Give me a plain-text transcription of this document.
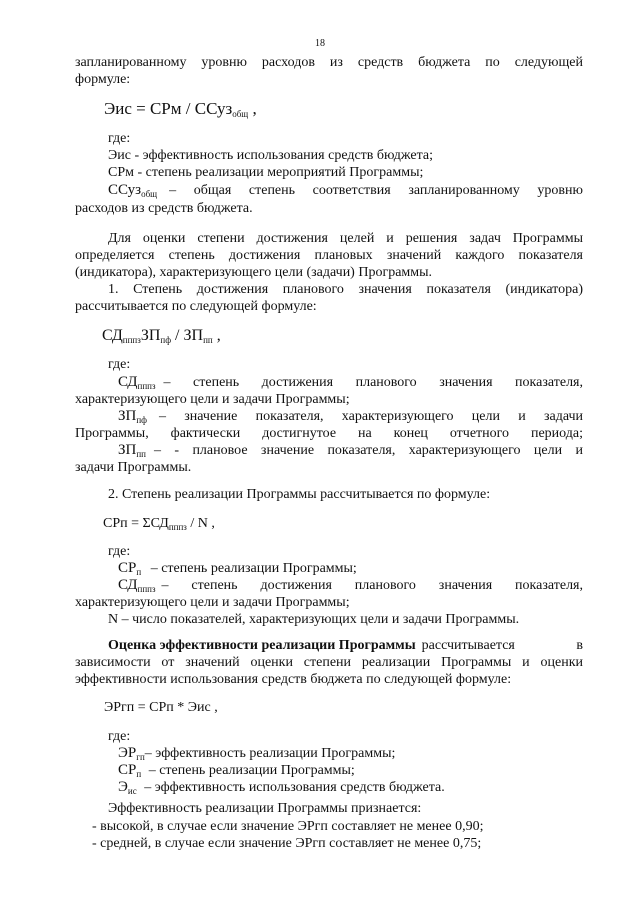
18
запланированному уровню расходов из средств бюджета по следующей
формуле:
Эис = СРм / ССуз$_{общ}$ ,
где:
Эис - эффективность использования средств бюджета;
СРм - степень реализации мероприятий Программы;
ССуз$_{общ}$ – общая степень соответствия запланированному уровню
расходов из средств бюджета.
Для оценки степени достижения целей и решения задач Программы
определяется степень достижения плановых значений каждого показателя
(индикатора), характеризующего цели (задачи) Программы.
1. Степень достижения планового значения показателя (индикатора)
рассчитывается по следующей формуле:
$СД_{пппз}ЗП_{пф} / ЗП_{пп}$ ,
где:
$СД_{пппз}$ – степень достижения планового значения показателя,
характеризующего цели и задачи Программы;
$ЗП_{пф}$ – значение показателя, характеризующего цели и задачи
Программы, фактически достигнутое на конец отчетного периода;
$ЗП_{пп}$ – - плановое значение показателя, характеризующего цели и
задачи Программы.
2. Степень реализации Программы рассчитывается по формуле:
СРп = $\Sigma СД_{пппз}$ / N ,
где:
$СР_п$ – степень реализации Программы;
$СД_{пппз}$ – степень достижения планового значения показателя,
характеризующего цели и задачи Программы;
N – число показателей, характеризующих цели и задачи Программы.
Оценка эффективности реализации Программы рассчитывается в
зависимости от значений оценки степени реализации Программы и оценки
эффективности использования средств бюджета по следующей формуле:
ЭРгп = СРп * Эис ,
где:
$ЭР_{гп}-$ эффективность реализации Программы;
$СР_п$ – степень реализации Программы;
$Э_{ис}$ – эффективность использования средств бюджета.
Эффективность реализации Программы признается:
- высокой, в случае если значение ЭРгп составляет не менее 0,90;
- средней, в случае если значение ЭРгп составляет не менее 0,75;
